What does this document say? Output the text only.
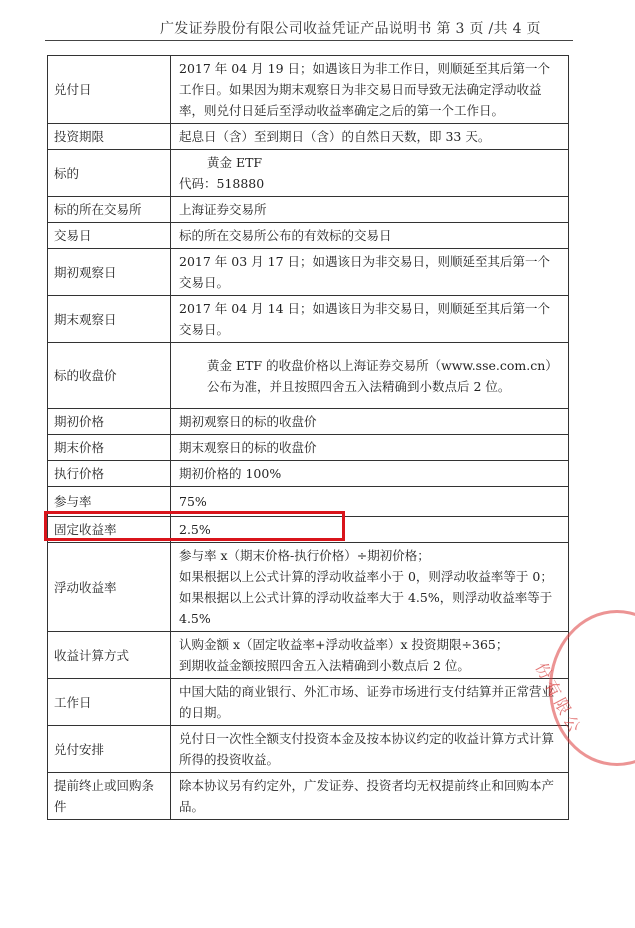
广发证券股份有限公司收益凭证产品说明书 第 3 页 /共 4 页
兑付日	2017 年 04 月 19 日；如遇该日为非工作日，则顺延至其后第一个工作日。如果因为期末观察日为非交易日而导致无法确定浮动收益率，则兑付日延后至浮动收益率确定之后的第一个工作日。

投资期限	起息日（含）至到期日（含）的自然日天数，即 33 天。

标的	黄金 ETF
代码：518880

标的所在交易所	上海证券交易所

交易日	标的所在交易所公布的有效标的交易日

期初观察日	2017 年 03 月 17 日；如遇该日为非交易日，则顺延至其后第一个交易日。

期末观察日	2017 年 04 月 14 日；如遇该日为非交易日，则顺延至其后第一个交易日。

标的收盘价	黄金 ETF 的收盘价格以上海证券交易所（www.sse.com.cn）公布为准，并且按照四舍五入法精确到小数点后 2 位。

期初价格	期初观察日的标的收盘价

期末价格	期末观察日的标的收盘价

执行价格	期初价格的 100%

参与率	75%

固定收益率	2.5%

浮动收益率	参与率 x（期末价格-执行价格）÷期初价格；
如果根据以上公式计算的浮动收益率小于 0，则浮动收益率等于 0；
如果根据以上公式计算的浮动收益率大于 4.5%，则浮动收益率等于 4.5%

收益计算方式	认购金额 x（固定收益率+浮动收益率）x 投资期限÷365；
到期收益金额按照四舍五入法精确到小数点后 2 位。

工作日	中国大陆的商业银行、外汇市场、证券市场进行支付结算并正常营业的日期。

兑付安排	兑付日一次性全额支付投资本金及按本协议约定的收益计算方式计算所得的投资收益。

提前终止或回购条件	除本协议另有约定外，广发证券、投资者均无权提前终止和回购本产品。
份有限公
